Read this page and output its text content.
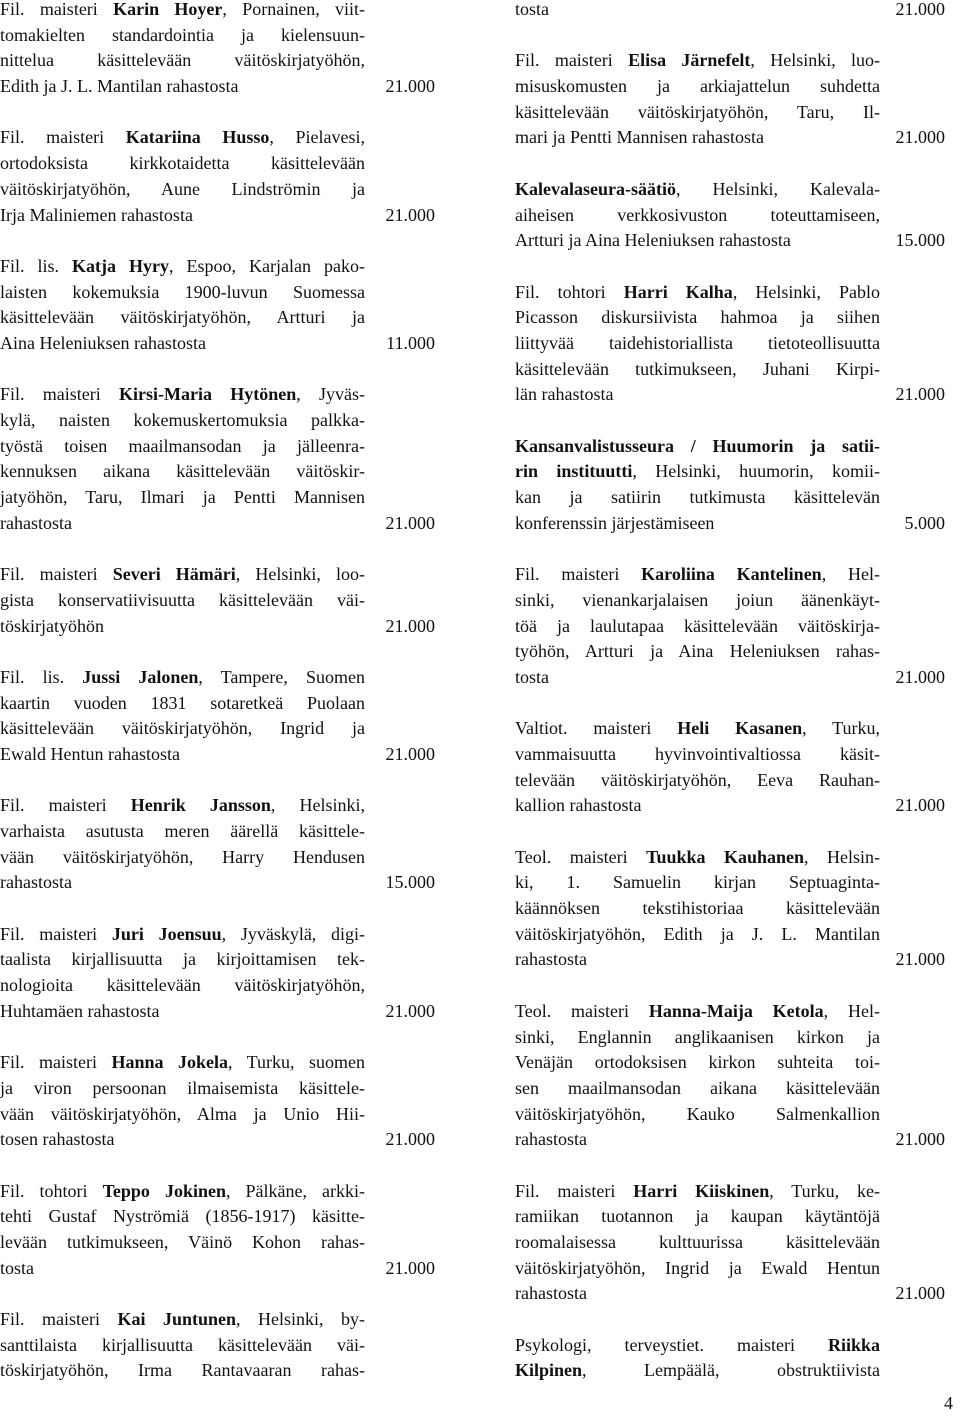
Fil. maisteri Karin Hoyer, Pornainen, viit-
tomakielten standardointia ja kielensuun-
nittelua käsittelevään väitöskirjatyöhön,
Edith ja J. L. Mantilan rahastosta	21.000
Fil. maisteri Katariina Husso, Pielavesi,
ortodoksista kirkkotaidetta käsittelevään
väitöskirjatyöhön, Aune Lindströmin ja
Irja Maliniemen rahastosta	21.000
Fil. lis. Katja Hyry, Espoo, Karjalan pako-
laisten kokemuksia 1900-luvun Suomessa
käsittelevään väitöskirjatyöhön, Artturi ja
Aina Heleniuksen rahastosta	11.000
Fil. maisteri Kirsi-Maria Hytönen, Jyväs-
kylä, naisten kokemuskertomuksia palkka-
työstä toisen maailmansodan ja jälleenra-
kennuksen aikana käsittelevään väitöskir-
jatyöhön, Taru, Ilmari ja Pentti Mannisen
rahastosta	21.000
Fil. maisteri Severi Hämäri, Helsinki, loo-
gista konservatiivisuutta käsittelevään väi-
töskirjatyöhön	21.000
Fil. lis. Jussi Jalonen, Tampere, Suomen
kaartin vuoden 1831 sotaretkeä Puolaan
käsittelevään väitöskirjatyöhön, Ingrid ja
Ewald Hentun rahastosta	21.000
Fil. maisteri Henrik Jansson, Helsinki,
varhaista asutusta meren äärellä käsittele-
vään väitöskirjatyöhön, Harry Hendusen
rahastosta	15.000
Fil. maisteri Juri Joensuu, Jyväskylä, digi-
taalista kirjallisuutta ja kirjoittamisen tek-
nologioita käsittelevään väitöskirjatyöhön,
Huhtamäen rahastosta	21.000
Fil. maisteri Hanna Jokela, Turku, suomen
ja viron persoonan ilmaisemista käsittele-
vään väitöskirjatyöhön, Alma ja Unio Hii-
tosen rahastosta	21.000
Fil. tohtori Teppo Jokinen, Pälkäne, arkki-
tehti Gustaf Nyströmiä (1856-1917) käsitte-
levään tutkimukseen, Väinö Kohon rahas-
tosta	21.000
Fil. maisteri Kai Juntunen, Helsinki, by-
santtilaista kirjallisuutta käsittelevään väi-
töskirjatyöhön, Irma Rantavaaran rahas-
tosta	21.000
Fil. maisteri Elisa Järnefelt, Helsinki, luo-
misuskomusten ja arkiajattelun suhdetta
käsittelevään väitöskirjatyöhön, Taru, Il-
mari ja Pentti Mannisen rahastosta	21.000
Kalevalaseura-säätiö, Helsinki, Kalevala-
aiheisen verkkosivuston toteuttamiseen,
Artturi ja Aina Heleniuksen rahastosta	15.000
Fil. tohtori Harri Kalha, Helsinki, Pablo
Picasson diskursiivista hahmoa ja siihen
liittyvää taidehistoriallista tietoteollisuutta
käsittelevään tutkimukseen, Juhani Kirpi-
län rahastosta	21.000
Kansanvalistusseura / Huumorin ja satii-
rin instituutti, Helsinki, huumorin, komii-
kan ja satiirin tutkimusta käsittelevän
konferenssin järjestämiseen	5.000
Fil. maisteri Karoliina Kantelinen, Hel-
sinki, vienankarjalaisen joiun äänenkäyt-
töä ja laulutapaa käsittelevään väitöskirja-
työhön, Artturi ja Aina Heleniuksen rahas-
tosta	21.000
Valtiot. maisteri Heli Kasanen, Turku,
vammaisuutta hyvinvointivaltiossa käsit-
televään väitöskirjatyöhön, Eeva Rauhan-
kallion rahastosta	21.000
Teol. maisteri Tuukka Kauhanen, Helsin-
ki, 1. Samuelin kirjan Septuaginta-
käännöksen tekstihistoriaa käsittelevään
väitöskirjatyöhön, Edith ja J. L. Mantilan
rahastosta	21.000
Teol. maisteri Hanna-Maija Ketola, Hel-
sinki, Englannin anglikaanisen kirkon ja
Venäjän ortodoksisen kirkon suhteita toi-
sen maailmansodan aikana käsittelevään
väitöskirjatyöhön, Kauko Salmenkallion
rahastosta	21.000
Fil. maisteri Harri Kiiskinen, Turku, ke-
ramiikan tuotannon ja kaupan käytäntöjä
roomalaisessa kulttuurissa käsittelevään
väitöskirjatyöhön, Ingrid ja Ewald Hentun
rahastosta	21.000
Psykologi, terveystiet. maisteri Riikka
Kilpinen, Lempäälä, obstruktiivista
4
